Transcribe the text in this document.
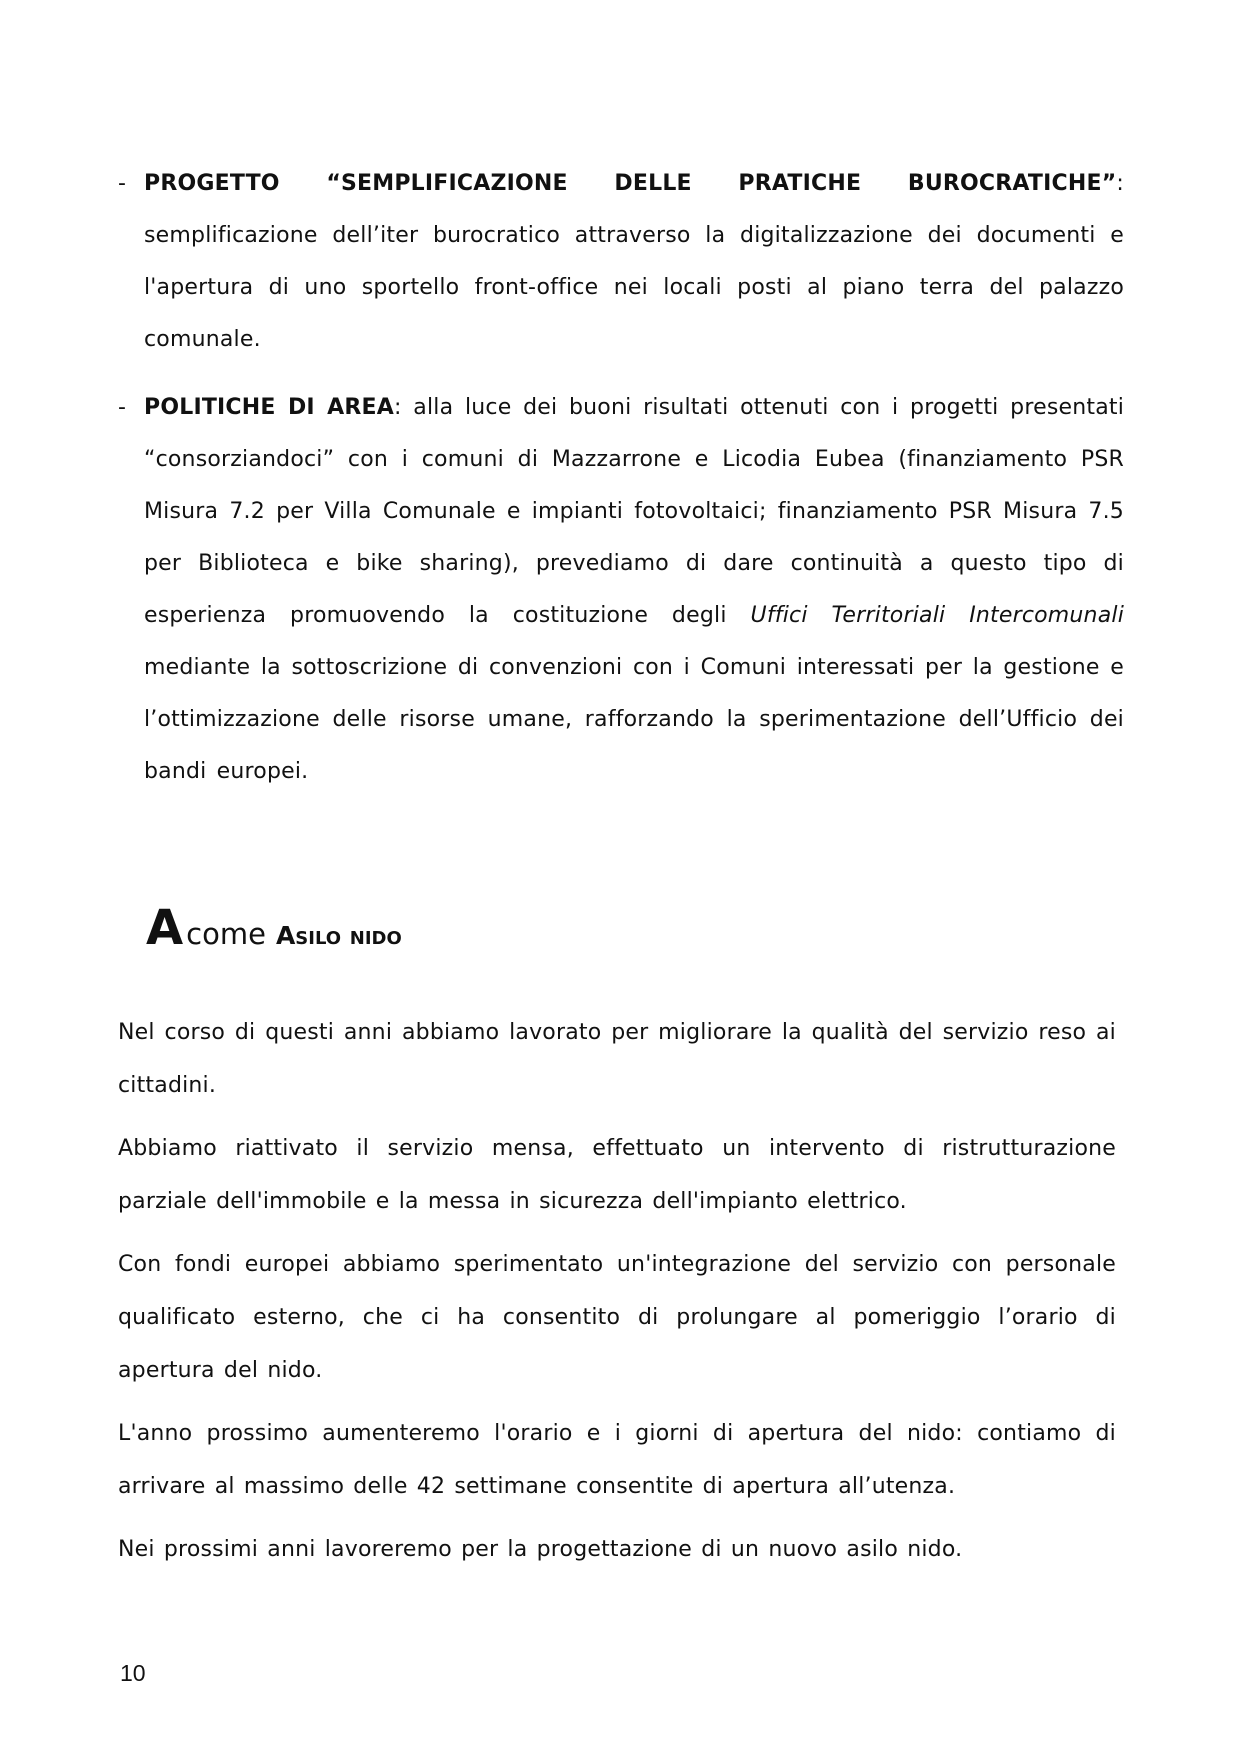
- PROGETTO “SEMPLIFICAZIONE DELLE PRATICHE BUROCRATICHE”: semplificazione dell’iter burocratico attraverso la digitalizzazione dei documenti e l'apertura di uno sportello front-office nei locali posti al piano terra del palazzo comunale.
- POLITICHE DI AREA: alla luce dei buoni risultati ottenuti con i progetti presentati “consorziandoci” con i comuni di Mazzarrone e Licodia Eubea (finanziamento PSR Misura 7.2 per Villa Comunale e impianti fotovoltaici; finanziamento PSR Misura 7.5 per Biblioteca e bike sharing), prevediamo di dare continuità a questo tipo di esperienza promuovendo la costituzione degli Uffici Territoriali Intercomunali mediante la sottoscrizione di convenzioni con i Comuni interessati per la gestione e l’ottimizzazione delle risorse umane, rafforzando la sperimentazione dell’Ufficio dei bandi europei.
Acome Asilo nido

Nel corso di questi anni abbiamo lavorato per migliorare la qualità del servizio reso ai cittadini.

Abbiamo riattivato il servizio mensa, effettuato un intervento di ristrutturazione parziale dell'immobile e la messa in sicurezza dell'impianto elettrico.

Con fondi europei abbiamo sperimentato un'integrazione del servizio con personale qualificato esterno, che ci ha consentito di prolungare al pomeriggio l’orario di apertura del nido.

L'anno prossimo aumenteremo l'orario e i giorni di apertura del nido: contiamo di arrivare al massimo delle 42 settimane consentite di apertura all’utenza.

Nei prossimi anni lavoreremo per la progettazione di un nuovo asilo nido.

10
